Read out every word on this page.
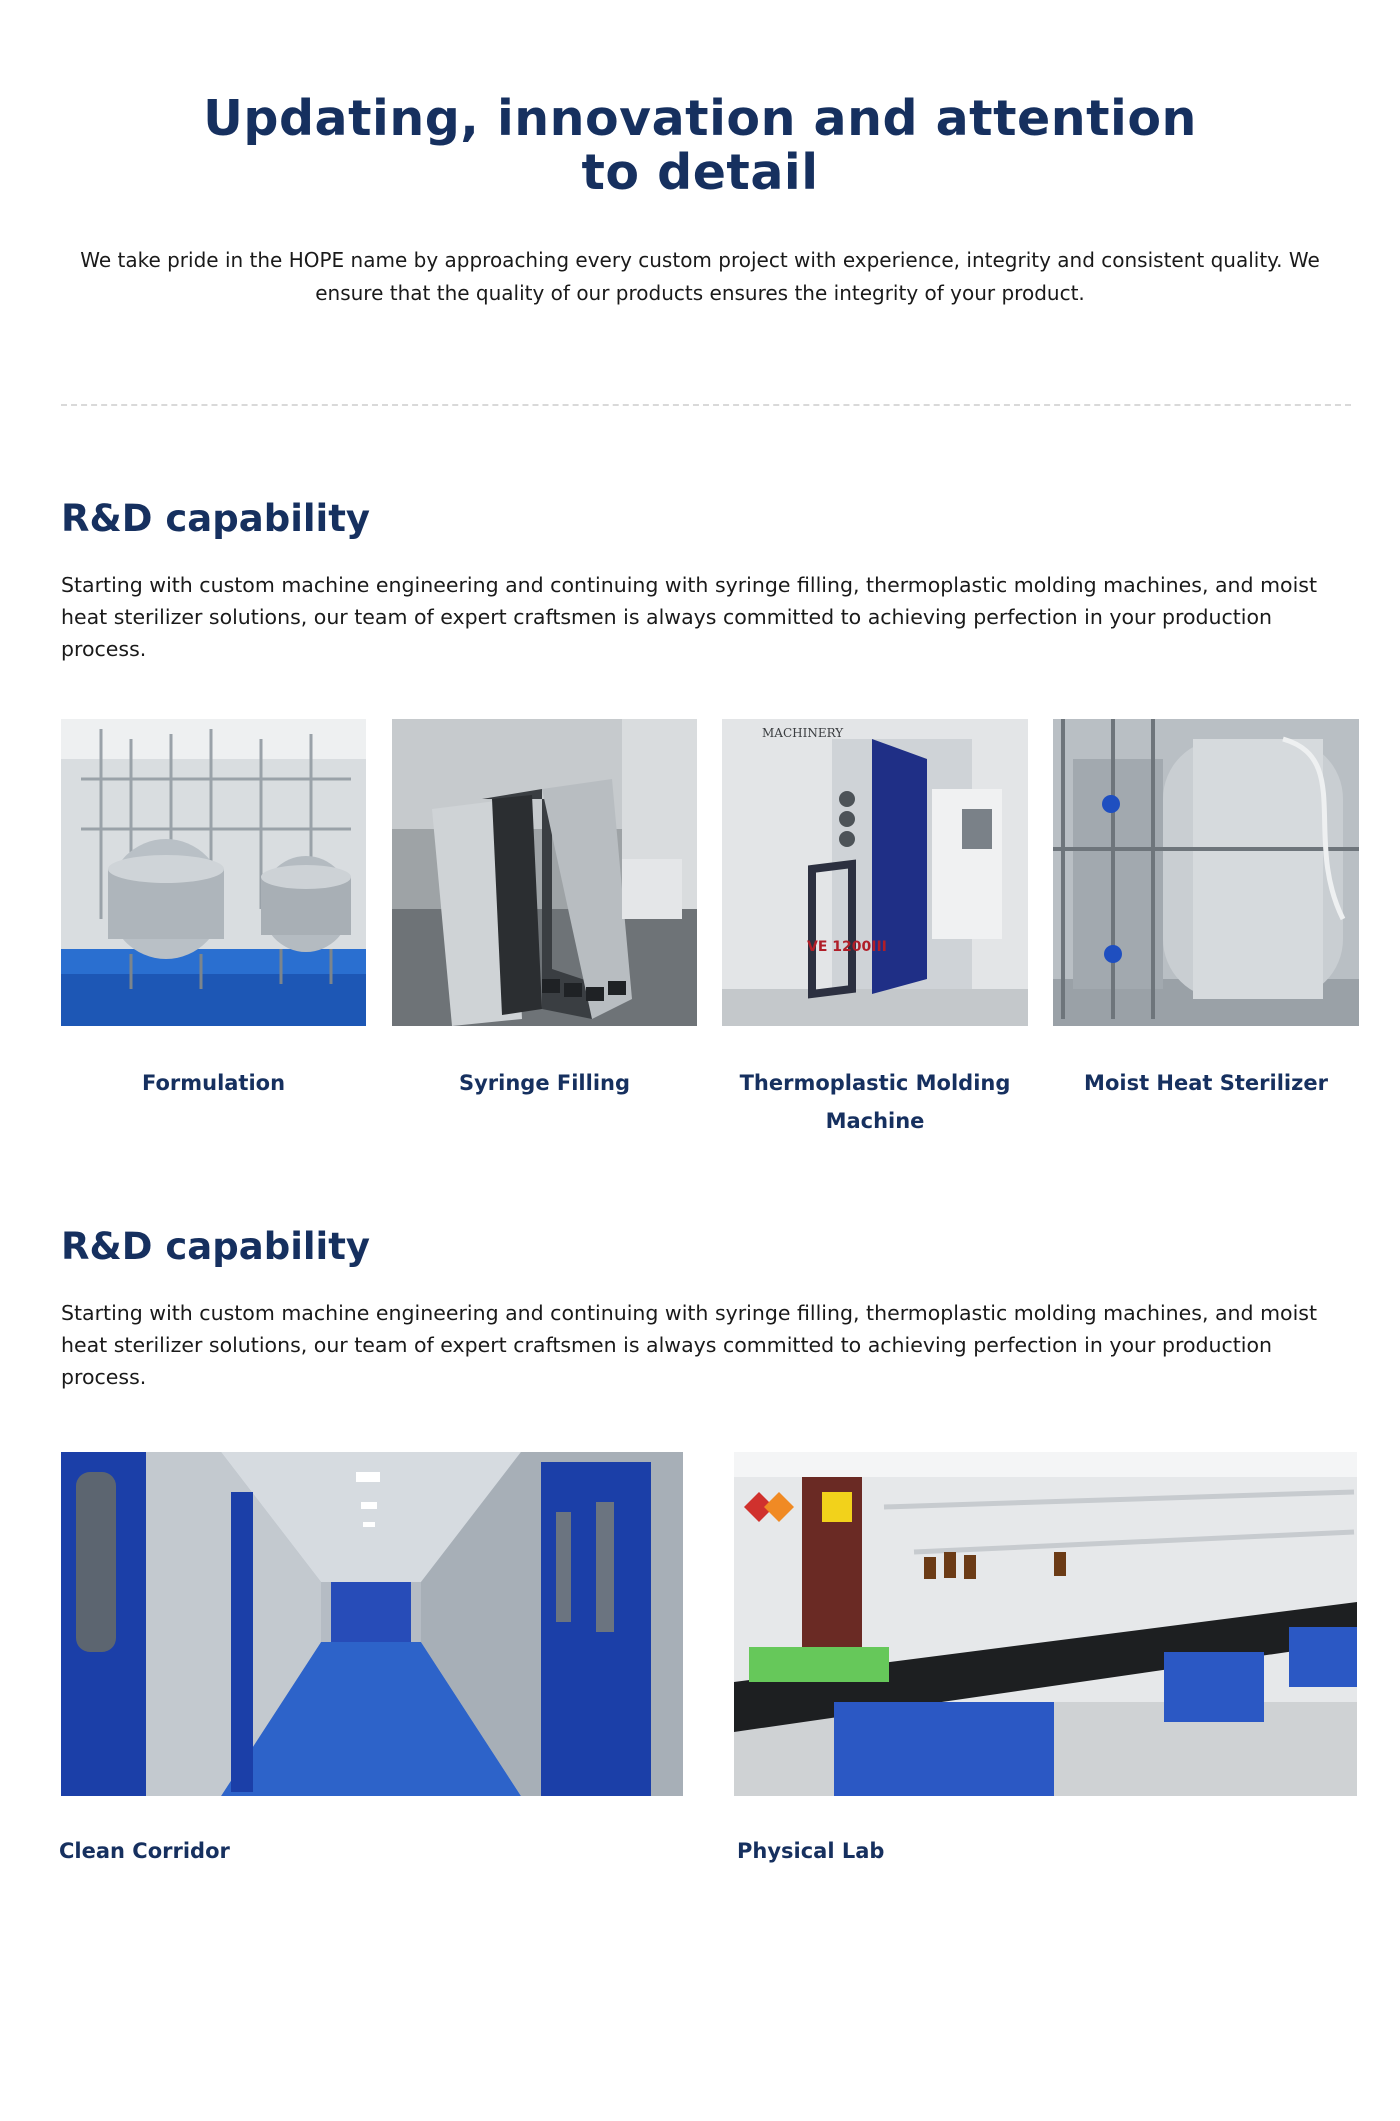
Updating, innovation and attention to detail

We take pride in the HOPE name by approaching every custom project with experience, integrity and consistent quality. We ensure that the quality of our products ensures the integrity of your product.

R&D capability

Starting with custom machine engineering and continuing with syringe filling, thermoplastic molding machines, and moist heat sterilizer solutions, our team of expert craftsmen is always committed to achieving perfection in your production process.

VE 1200III
MACHINERY

Formulation	Syringe Filling	Thermoplastic Molding Machine

Moist Heat Sterilizer

R&D capability

Starting with custom machine engineering and continuing with syringe filling, thermoplastic molding machines, and moist heat sterilizer solutions, our team of expert craftsmen is always committed to achieving perfection in your production process.

Clean Corridor	Physical Lab
